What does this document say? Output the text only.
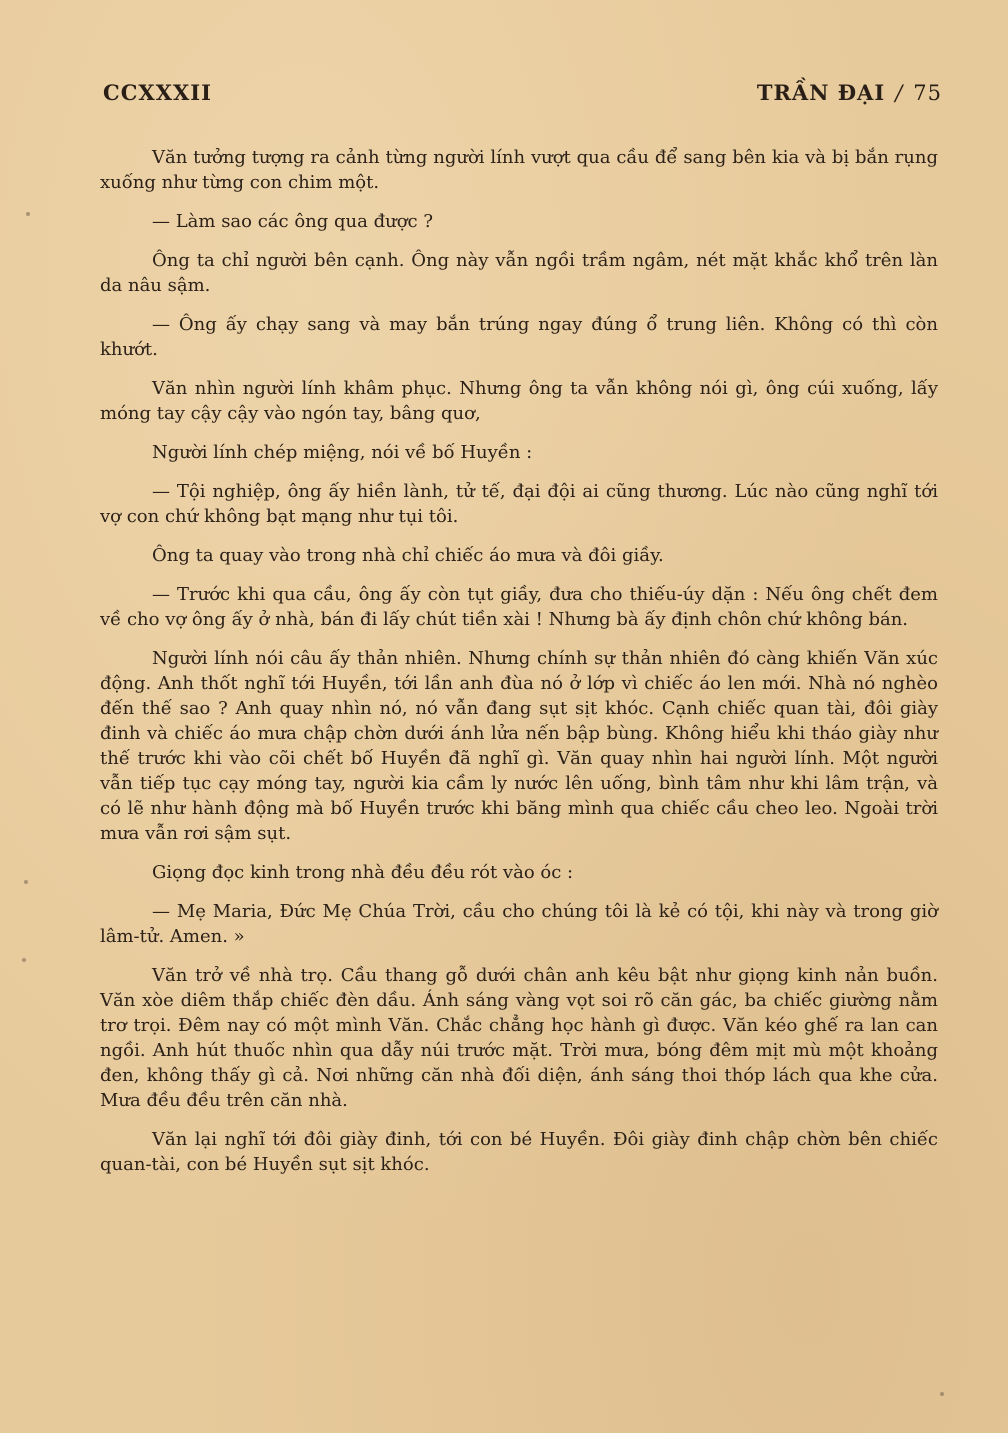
CCXXXII	TRẦN ĐẠI / 75

Văn tưởng tượng ra cảnh từng người lính vượt qua cầu để sang bên kia và bị bắn rụng xuống như từng con chim một.

— Làm sao các ông qua được ?

Ông ta chỉ người bên cạnh. Ông này vẫn ngồi trầm ngâm, nét mặt khắc khổ trên làn da nâu sậm.

— Ông ấy chạy sang và may bắn trúng ngay đúng ổ trung liên. Không có thì còn khướt.

Văn nhìn người lính khâm phục. Nhưng ông ta vẫn không nói gì, ông cúi xuống, lấy móng tay cậy cậy vào ngón tay, bâng quơ,

Người lính chép miệng, nói về bố Huyền :

— Tội nghiệp, ông ấy hiền lành, tử tế, đại đội ai cũng thương. Lúc nào cũng nghĩ tới vợ con chứ không bạt mạng như tụi tôi.

Ông ta quay vào trong nhà chỉ chiếc áo mưa và đôi giầy.

— Trước khi qua cầu, ông ấy còn tụt giầy, đưa cho thiếu-úy dặn : Nếu ông chết đem về cho vợ ông ấy ở nhà, bán đi lấy chút tiền xài ! Nhưng bà ấy định chôn chứ không bán.

Người lính nói câu ấy thản nhiên. Nhưng chính sự thản nhiên đó càng khiến Văn xúc động. Anh thốt nghĩ tới Huyền, tới lần anh đùa nó ở lớp vì chiếc áo len mới. Nhà nó nghèo đến thế sao ? Anh quay nhìn nó, nó vẫn đang sụt sịt khóc. Cạnh chiếc quan tài, đôi giày đinh và chiếc áo mưa chập chờn dưới ánh lửa nến bập bùng. Không hiểu khi tháo giày như thế trước khi vào cõi chết bố Huyền đã nghĩ gì. Văn quay nhìn hai người lính. Một người vẫn tiếp tục cạy móng tay, người kia cầm ly nước lên uống, bình tâm như khi lâm trận, và có lẽ như hành động mà bố Huyền trước khi băng mình qua chiếc cầu cheo leo. Ngoài trời mưa vẫn rơi sậm sụt.

Giọng đọc kinh trong nhà đều đều rót vào óc :

— Mẹ Maria, Đức Mẹ Chúa Trời, cầu cho chúng tôi là kẻ có tội, khi này và trong giờ lâm-tử. Amen. »

Văn trở về nhà trọ. Cầu thang gỗ dưới chân anh kêu bật như giọng kinh nản buồn. Văn xòe diêm thắp chiếc đèn dầu. Ánh sáng vàng vọt soi rõ căn gác, ba chiếc giường nằm trơ trọi. Đêm nay có một mình Văn. Chắc chẳng học hành gì được. Văn kéo ghế ra lan can ngồi. Anh hút thuốc nhìn qua dẫy núi trước mặt. Trời mưa, bóng đêm mịt mù một khoảng đen, không thấy gì cả. Nơi những căn nhà đối diện, ánh sáng thoi thóp lách qua khe cửa. Mưa đều đều trên căn nhà.

Văn lại nghĩ tới đôi giày đinh, tới con bé Huyền. Đôi giày đinh chập chờn bên chiếc quan-tài, con bé Huyền sụt sịt khóc.
